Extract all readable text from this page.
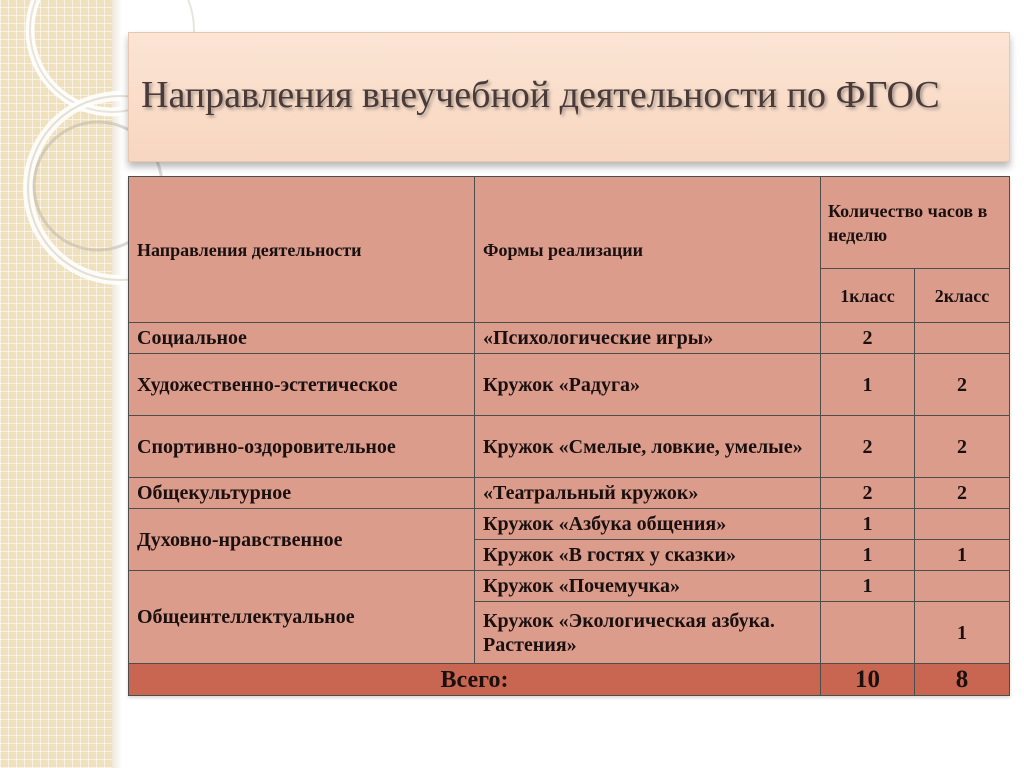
Направления внеучебной деятельности по ФГОС
Направления деятельности	Формы реализации	Количество часов в неделю	
		1класс	2класс
Социальное	«Психологические игры»	2	
Художественно-эстетическое	Кружок «Радуга»	1	2
Спортивно-оздоровительное	Кружок «Смелые, ловкие, умелые»	2	2
Общекультурное	«Театральный кружок»	2	2
Духовно-нравственное	Кружок «Азбука общения»	1	
	Кружок «В гостях у сказки»	1	1
Общеинтеллектуальное	Кружок «Почемучка»	1	
	Кружок «Экологическая азбука. Растения»		1
Всего:		10	8
